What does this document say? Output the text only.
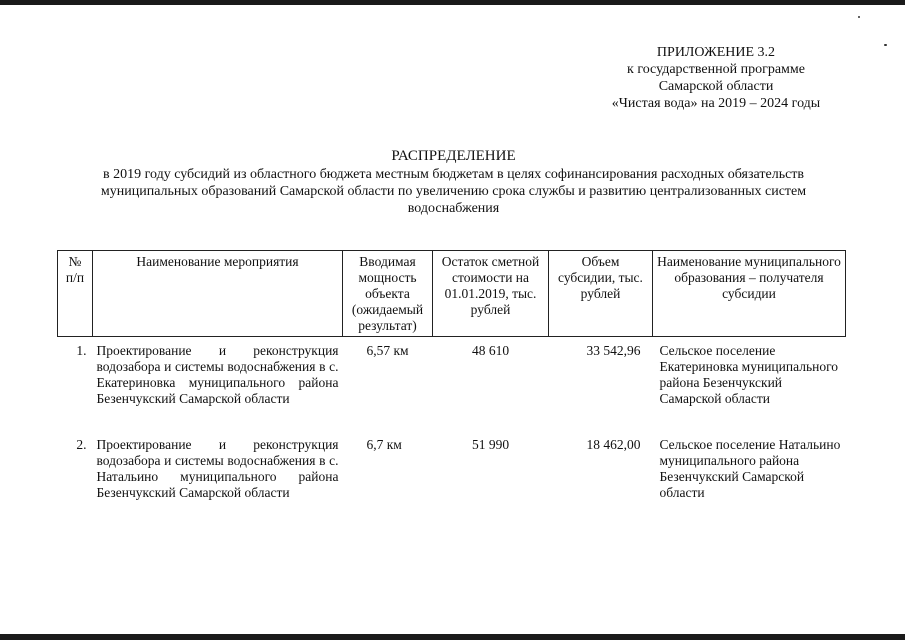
ПРИЛОЖЕНИЕ 3.2
к государственной программе
Самарской области
«Чистая вода» на 2019 – 2024 годы
РАСПРЕДЕЛЕНИЕ
в 2019 году субсидий из областного бюджета местным бюджетам в целях софинансирования расходных обязательств муниципальных образований Самарской области по увеличению срока службы и развитию централизованных систем водоснабжения
№ п/п	Наименование мероприятия	Вводимая мощность объекта (ожидаемый результат)	Остаток сметной стоимости на 01.01.2019, тыс. рублей	Объем субсидии, тыс. рублей	Наименование муниципального образования – получателя субсидии

1.	Проектирование и реконструкция водозабора и системы водоснабжения в с. Екатериновка муниципального района Безенчукский Самарской области	6,57 км	48 610	33 542,96	Сельское поселение Екатериновка муниципального района Безенчукский Самарской области
2.	Проектирование и реконструкция водозабора и системы водоснабжения в с. Натальино муниципального района Безенчукский Самарской области	6,7 км	51 990	18 462,00	Сельское поселение Натальино муниципального района Безенчукский Самарской области
